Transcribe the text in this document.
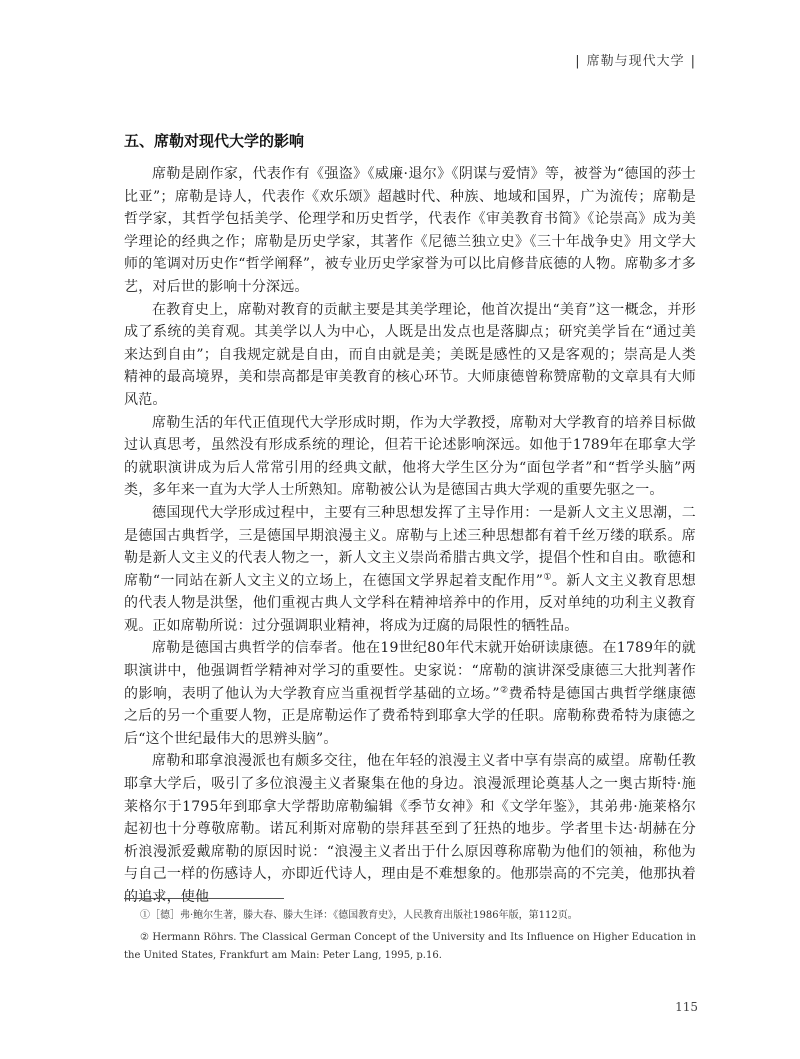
| 席勒与现代大学 |
五、席勒对现代大学的影响

席勒是剧作家，代表作有《强盗》《威廉·退尔》《阴谋与爱情》等，被誉为“德国的莎士比亚”；席勒是诗人，代表作《欢乐颂》超越时代、种族、地域和国界，广为流传；席勒是哲学家，其哲学包括美学、伦理学和历史哲学，代表作《审美教育书简》《论崇高》成为美学理论的经典之作；席勒是历史学家，其著作《尼德兰独立史》《三十年战争史》用文学大师的笔调对历史作“哲学阐释”，被专业历史学家誉为可以比肩修昔底德的人物。席勒多才多艺，对后世的影响十分深远。

在教育史上，席勒对教育的贡献主要是其美学理论，他首次提出“美育”这一概念，并形成了系统的美育观。其美学以人为中心，人既是出发点也是落脚点；研究美学旨在“通过美来达到自由”；自我规定就是自由，而自由就是美；美既是感性的又是客观的；崇高是人类精神的最高境界，美和崇高都是审美教育的核心环节。大师康德曾称赞席勒的文章具有大师风范。

席勒生活的年代正值现代大学形成时期，作为大学教授，席勒对大学教育的培养目标做过认真思考，虽然没有形成系统的理论，但若干论述影响深远。如他于1789年在耶拿大学的就职演讲成为后人常常引用的经典文献，他将大学生区分为“面包学者”和“哲学头脑”两类，多年来一直为大学人士所熟知。席勒被公认为是德国古典大学观的重要先驱之一。

德国现代大学形成过程中，主要有三种思想发挥了主导作用：一是新人文主义思潮，二是德国古典哲学，三是德国早期浪漫主义。席勒与上述三种思想都有着千丝万缕的联系。席勒是新人文主义的代表人物之一，新人文主义崇尚希腊古典文学，提倡个性和自由。歌德和席勒“一同站在新人文主义的立场上，在德国文学界起着支配作用”①。新人文主义教育思想的代表人物是洪堡，他们重视古典人文学科在精神培养中的作用，反对单纯的功利主义教育观。正如席勒所说：过分强调职业精神，将成为迂腐的局限性的牺牲品。

席勒是德国古典哲学的信奉者。他在19世纪80年代末就开始研读康德。在1789年的就职演讲中，他强调哲学精神对学习的重要性。史家说：“席勒的演讲深受康德三大批判著作的影响，表明了他认为大学教育应当重视哲学基础的立场。”②费希特是德国古典哲学继康德之后的另一个重要人物，正是席勒运作了费希特到耶拿大学的任职。席勒称费希特为康德之后“这个世纪最伟大的思辨头脑”。

席勒和耶拿浪漫派也有颇多交往，他在年轻的浪漫主义者中享有崇高的威望。席勒任教耶拿大学后，吸引了多位浪漫主义者聚集在他的身边。浪漫派理论奠基人之一奥古斯特·施莱格尔于1795年到耶拿大学帮助席勒编辑《季节女神》和《文学年鉴》，其弟弗·施莱格尔起初也十分尊敬席勒。诺瓦利斯对席勒的崇拜甚至到了狂热的地步。学者里卡达·胡赫在分析浪漫派爱戴席勒的原因时说：“浪漫主义者出于什么原因尊称席勒为他们的领袖，称他为与自己一样的伤感诗人，亦即近代诗人，理由是不难想象的。他那崇高的不完美，他那执着的追求，使他

①［德］弗·鲍尔生著，滕大春、滕大生译：《德国教育史》，人民教育出版社1986年版，第112页。

② Hermann Röhrs. The Classical German Concept of the University and Its Influence on Higher Education in the United States, Frankfurt am Main: Peter Lang, 1995, p.16.

115
